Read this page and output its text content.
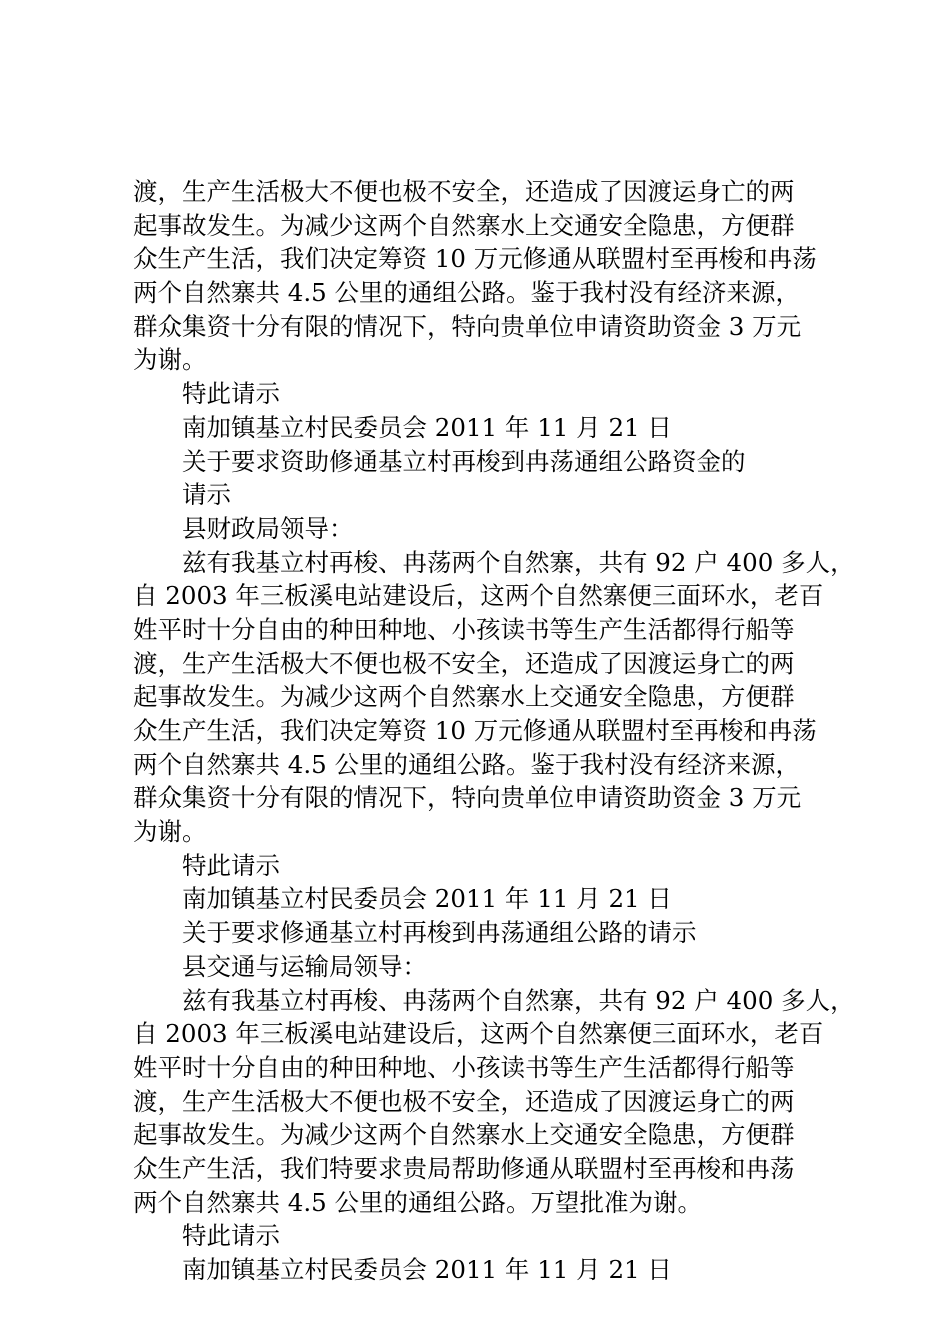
渡，生产生活极大不便也极不安全，还造成了因渡运身亡的两
起事故发生。为减少这两个自然寨水上交通安全隐患，方便群
众生产生活，我们决定筹资 10 万元修通从联盟村至再梭和冉荡
两个自然寨共 4.5 公里的通组公路。鉴于我村没有经济来源，
群众集资十分有限的情况下，特向贵单位申请资助资金 3 万元
为谢。
特此请示
南加镇基立村民委员会 2011 年 11 月 21 日
关于要求资助修通基立村再梭到冉荡通组公路资金的
请示
县财政局领导：
兹有我基立村再梭、冉荡两个自然寨，共有 92 户 400 多人，
自 2003 年三板溪电站建设后，这两个自然寨便三面环水，老百
姓平时十分自由的种田种地、小孩读书等生产生活都得行船等
渡，生产生活极大不便也极不安全，还造成了因渡运身亡的两
起事故发生。为减少这两个自然寨水上交通安全隐患，方便群
众生产生活，我们决定筹资 10 万元修通从联盟村至再梭和冉荡
两个自然寨共 4.5 公里的通组公路。鉴于我村没有经济来源，
群众集资十分有限的情况下，特向贵单位申请资助资金 3 万元
为谢。
特此请示
南加镇基立村民委员会 2011 年 11 月 21 日
关于要求修通基立村再梭到冉荡通组公路的请示
县交通与运输局领导：
兹有我基立村再梭、冉荡两个自然寨，共有 92 户 400 多人，
自 2003 年三板溪电站建设后，这两个自然寨便三面环水，老百
姓平时十分自由的种田种地、小孩读书等生产生活都得行船等
渡，生产生活极大不便也极不安全，还造成了因渡运身亡的两
起事故发生。为减少这两个自然寨水上交通安全隐患，方便群
众生产生活，我们特要求贵局帮助修通从联盟村至再梭和冉荡
两个自然寨共 4.5 公里的通组公路。万望批准为谢。
特此请示
南加镇基立村民委员会 2011 年 11 月 21 日
